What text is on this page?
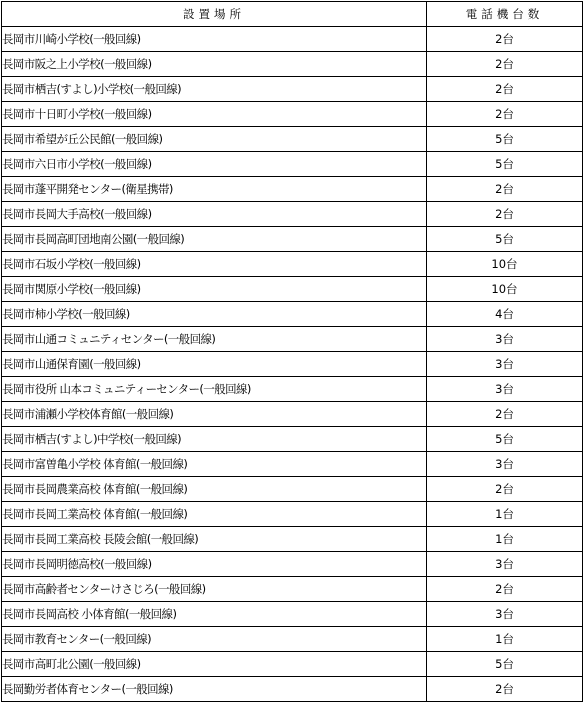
設置場所	電話機台数
長岡市川崎小学校(一般回線)	2台
長岡市阪之上小学校(一般回線)	2台
長岡市栖吉(すよし)小学校(一般回線)	2台
長岡市十日町小学校(一般回線)	2台
長岡市希望が丘公民館(一般回線)	5台
長岡市六日市小学校(一般回線)	5台
長岡市蓬平開発センター(衛星携帯)	2台
長岡市長岡大手高校(一般回線)	2台
長岡市長岡高町団地南公園(一般回線)	5台
長岡市石坂小学校(一般回線)	10台
長岡市関原小学校(一般回線)	10台
長岡市柿小学校(一般回線)	4台
長岡市山通コミュニティセンター(一般回線)	3台
長岡市山通保育園(一般回線)	3台
長岡市役所 山本コミュニティーセンター(一般回線)	3台
長岡市浦瀬小学校体育館(一般回線)	2台
長岡市栖吉(すよし)中学校(一般回線)	5台
長岡市富曽亀小学校 体育館(一般回線)	3台
長岡市長岡農業高校 体育館(一般回線)	2台
長岡市長岡工業高校 体育館(一般回線)	1台
長岡市長岡工業高校 長陵会館(一般回線)	1台
長岡市長岡明徳高校(一般回線)	3台
長岡市高齢者センターけさじろ(一般回線)	2台
長岡市長岡高校 小体育館(一般回線)	3台
長岡市教育センター(一般回線)	1台
長岡市高町北公園(一般回線)	5台
長岡勤労者体育センター(一般回線)	2台
